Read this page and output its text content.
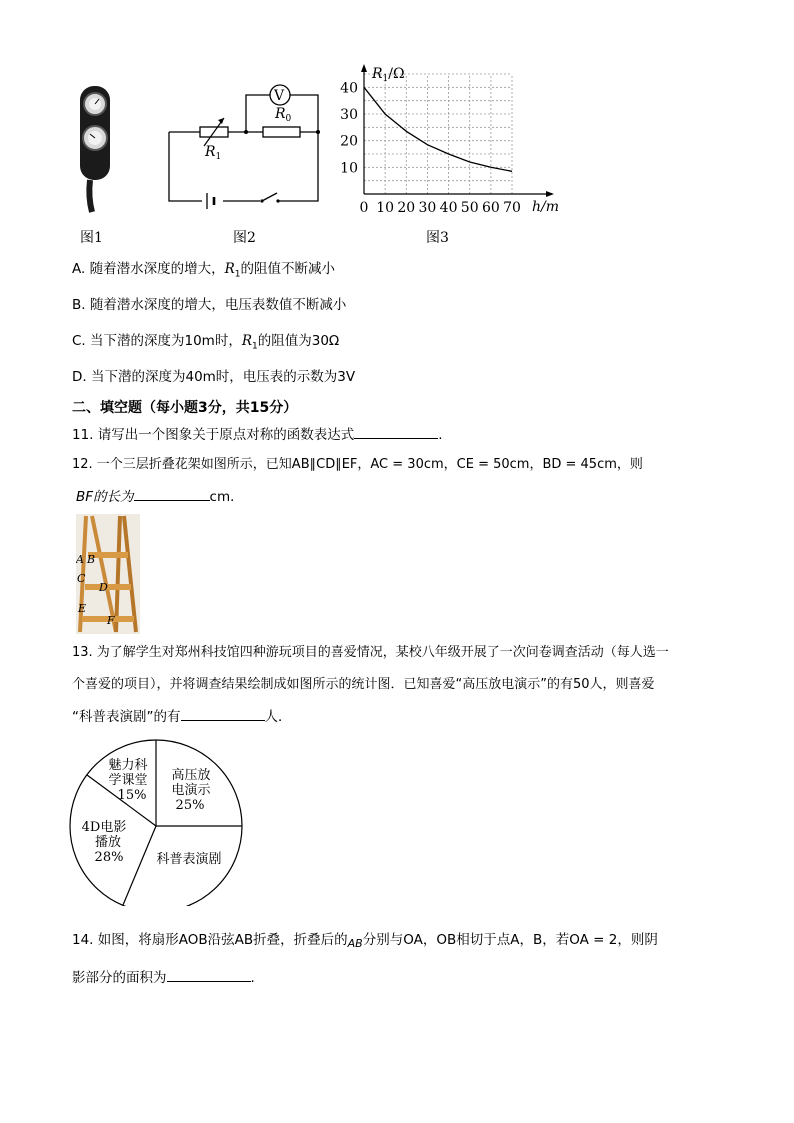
图1
V
$R_0$
$R_1$
图2
40
30
20
10
0 10 20 30 40 50 60 70
$R_1/\Omega$
h/m
图3
A. 随着潜水深度的增大，$R_1$的阻值不断减小
B. 随着潜水深度的增大，电压表数值不断减小
C. 当下潜的深度为10m时，$R_1$的阻值为30Ω
D. 当下潜的深度为40m时，电压表的示数为3V
二、填空题（每小题3分，共15分）
11. 请写出一个图象关于原点对称的函数表达式	.
12. 一个三层折叠花架如图所示，已知AB∥CD∥EF，AC = 30cm，CE = 50cm，BD = 45cm，则
BF的长为	cm．
A B
C
D
E
F
13. 为了解学生对郑州科技馆四种游玩项目的喜爱情况，某校八年级开展了一次问卷调查活动（每人选一
个喜爱的项目），并将调查结果绘制成如图所示的统计图．已知喜爱“高压放电演示”的有50人，则喜爱
“科普表演剧”的有	人．
高压放
电演示
25%
魅力科
学课堂
15%
4D电影
播放
28%	科普表演剧
14. 如图，将扇形AOB沿弦AB折叠，折叠后的$_{AB}$分别与OA，OB相切于点A，B，若OA = 2，则阴
影部分的面积为	.
